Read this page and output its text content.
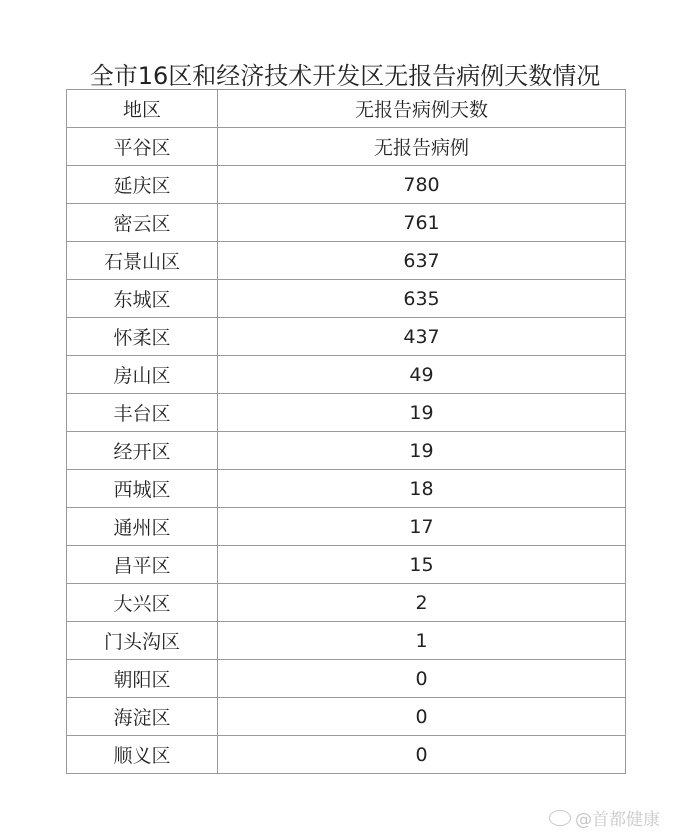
全市16区和经济技术开发区无报告病例天数情况
地区	无报告病例天数
平谷区	无报告病例
延庆区	780
密云区	761
石景山区	637
东城区	635
怀柔区	437
房山区	49
丰台区	19
经开区	19
西城区	18
通州区	17
昌平区	15
大兴区	2
门头沟区	1
朝阳区	0
海淀区	0
顺义区	0
@首都健康
